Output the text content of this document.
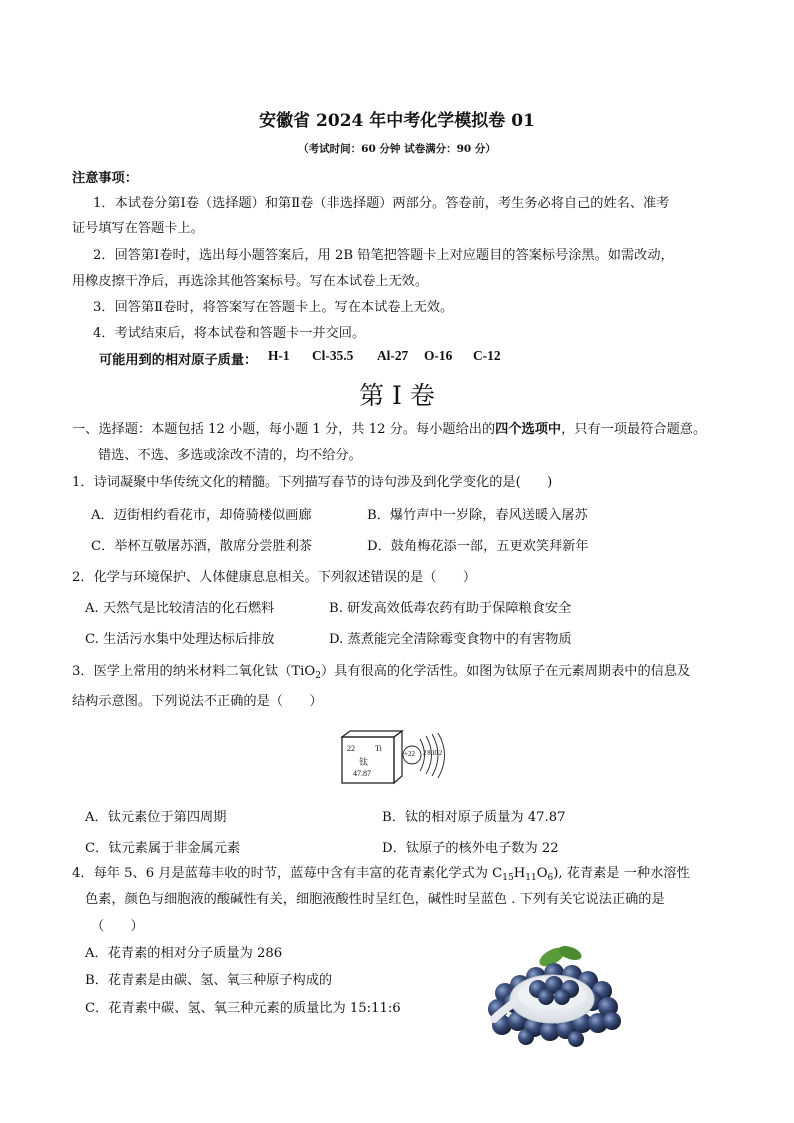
安徽省 2024 年中考化学模拟卷 01
（考试时间：60 分钟 试卷满分：90 分）
注意事项：
1．本试卷分第Ⅰ卷（选择题）和第Ⅱ卷（非选择题）两部分。答卷前，考生务必将自己的姓名、准考
证号填写在答题卡上。
2．回答第Ⅰ卷时，选出每小题答案后，用 2B 铅笔把答题卡上对应题目的答案标号涂黑。如需改动，
用橡皮擦干净后，再选涂其他答案标号。写在本试卷上无效。
3．回答第Ⅱ卷时，将答案写在答题卡上。写在本试卷上无效。
4．考试结束后，将本试卷和答题卡一并交回。
可能用到的相对原子质量： H-1 Cl-35.5 Al-27 O-16 C-12
第 I 卷
一、选择题：本题包括 12 小题，每小题 1 分，共 12 分。每小题给出的四个选项中，只有一项最符合题意。
错选、不选、多选或涂改不清的，均不给分。
1．诗词凝聚中华传统文化的精髓。下列描写春节的诗句涉及到化学变化的是(　　)
A．迈街相约看花市，却倚骑楼似画廊	B．爆竹声中一岁除，春风送暖入屠苏
C．举杯互敬屠苏酒，散席分尝胜利茶	D．鼓角梅花添一部，五更欢笑拜新年
2．化学与环境保护、人体健康息息相关。下列叙述错误的是（　　）
A. 天然气是比较清洁的化石燃料	B. 研发高效低毒农药有助于保障粮食安全
C. 生活污水集中处理达标后排放	D. 蒸煮能完全清除霉变食物中的有害物质
3．医学上常用的纳米材料二氧化钛（TiO$_2$）具有很高的化学活性。如图为钛原子在元素周期表中的信息及
结构示意图。下列说法不正确的是（　　）
22	Ti
钛
47.87
+22 2 8 10 2
A．钛元素位于第四周期	B．钛的相对原子质量为 47.87
C．钛元素属于非金属元素	D．钛原子的核外电子数为 22
4．每年 5、6 月是蓝莓丰收的时节，蓝莓中含有丰富的花青素化学式为 $C_{15}H_{11}O_6$), 花青素是 一种水溶性
色素，颜色与细胞液的酸碱性有关，细胞液酸性时呈红色，碱性时呈蓝色 . 下列有关它说法正确的是
（　　）
A．花青素的相对分子质量为 286
B．花青素是由碳、氢、氧三种原子构成的
C．花青素中碳、氢、氧三种元素的质量比为 15:11:6
